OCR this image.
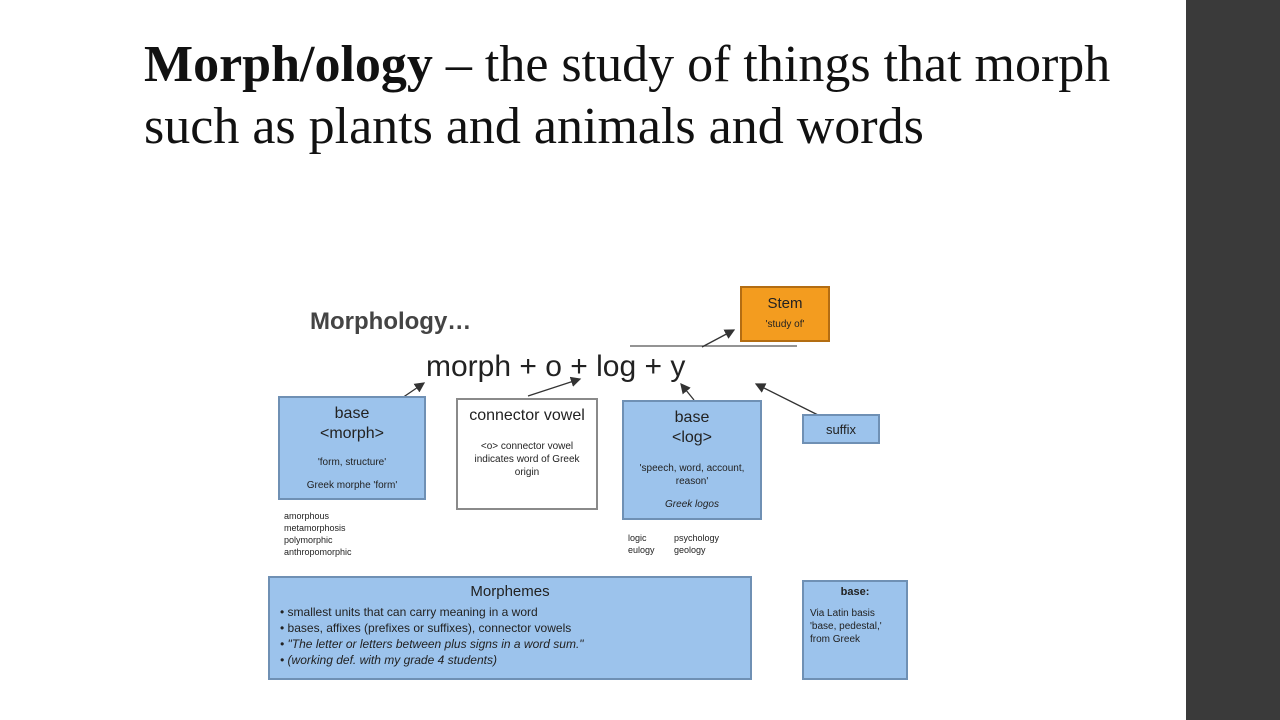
Morph/ology – the study of things that morph such as plants and animals and words
Morphology…
morph + o + log + y
Stem
'study of'
base
<morph>
'form, structure'
Greek morphe 'form'
connector vowel
<o> connector vowel indicates word of Greek origin
base
<log>
'speech, word, account, reason'
Greek logos
suffix
amorphous
metamorphosis
polymorphic
anthropomorphic
logic
eulogy
psychology
geology
Morphemes
• smallest units that can carry meaning in a word
• bases, affixes (prefixes or suffixes), connector vowels
• "The letter or letters between plus signs in a word sum."
• (working def. with my grade 4 students)
base:
Via Latin basis 'base, pedestal,' from Greek
